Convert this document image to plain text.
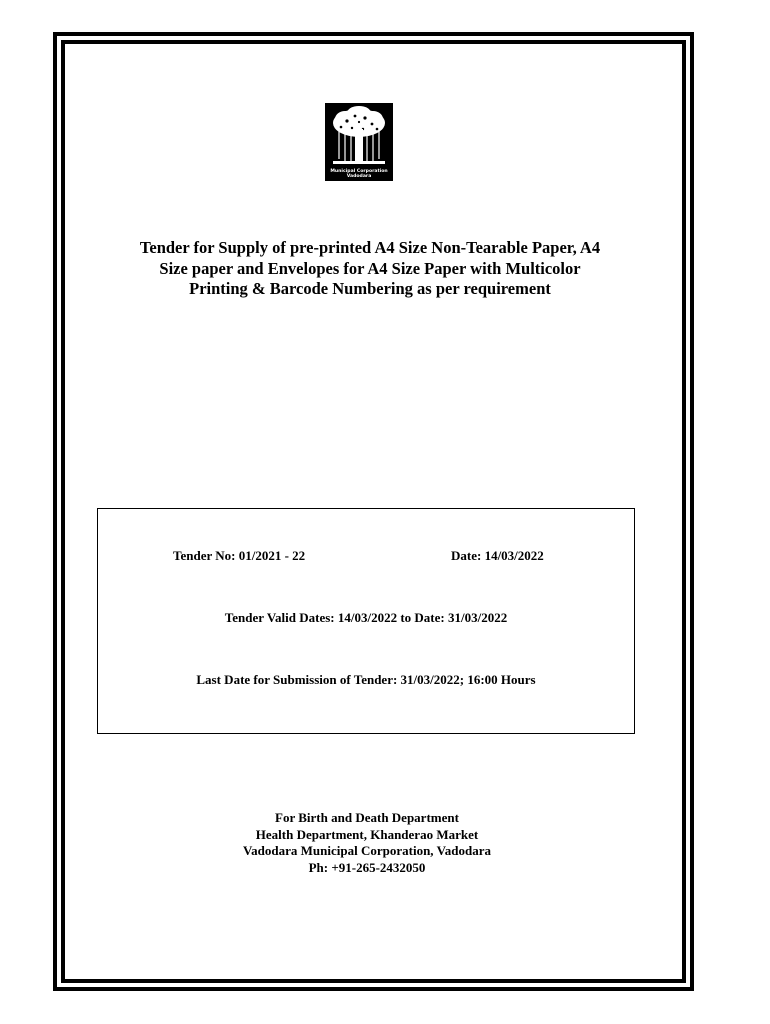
Municipal Corporation
Vadodara
Tender for Supply of pre-printed A4 Size Non-Tearable Paper, A4
Size paper and Envelopes for A4 Size Paper with Multicolor
Printing & Barcode Numbering as per requirement
Tender No: 01/2021 - 22	Date: 14/03/2022
Tender Valid Dates: 14/03/2022 to Date: 31/03/2022
Last Date for Submission of Tender: 31/03/2022; 16:00 Hours
For Birth and Death Department
Health Department, Khanderao Market
Vadodara Municipal Corporation, Vadodara
Ph: +91-265-2432050
